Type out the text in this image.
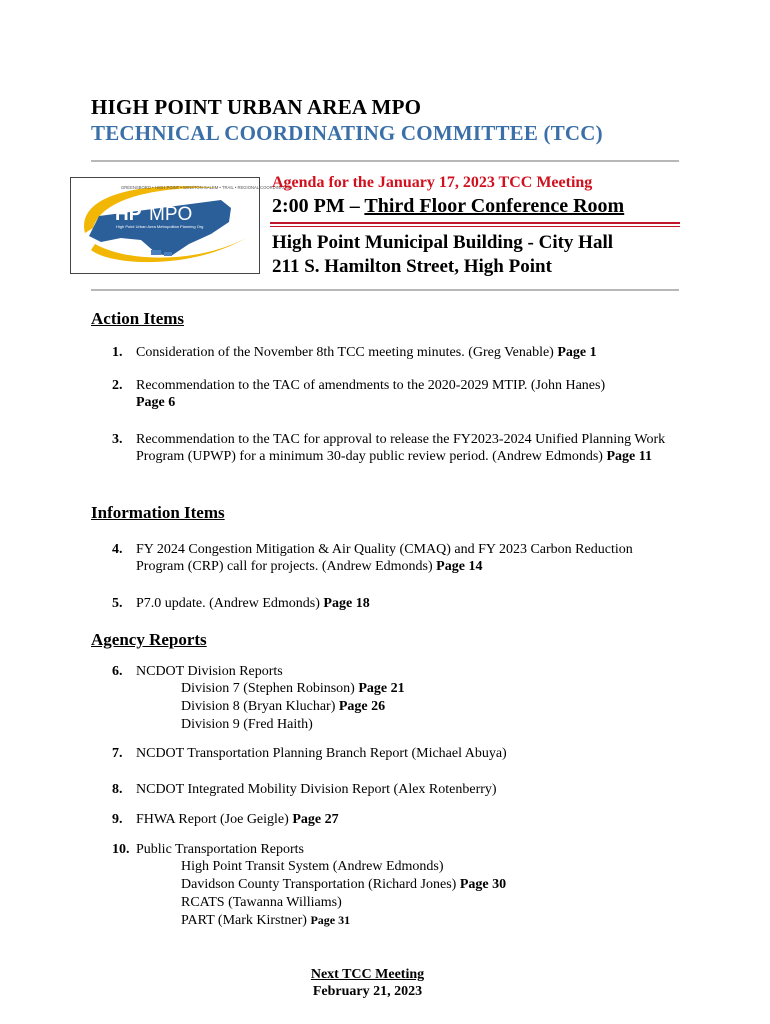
HIGH POINT URBAN AREA MPO
TECHNICAL COORDINATING COMMITTEE (TCC)
GREENSBORO • HIGH POINT • WINSTON-SALEM • TRAIL • REGIONAL COORDINATION
HP MPO
High Point Urban Area Metropolitan Planning Org
Agenda for the January 17, 2023 TCC Meeting
2:00 PM – Third Floor Conference Room
High Point Municipal Building - City Hall
211 S. Hamilton Street, High Point
Action Items
1. Consideration of the November 8th TCC meeting minutes. (Greg Venable) Page 1
2. Recommendation to the TAC of amendments to the 2020-2029 MTIP. (John Hanes)
Page 6
3. Recommendation to the TAC for approval to release the FY2023-2024 Unified Planning Work
Program (UPWP) for a minimum 30-day public review period. (Andrew Edmonds) Page 11
Information Items
4. FY 2024 Congestion Mitigation & Air Quality (CMAQ) and FY 2023 Carbon Reduction
Program (CRP) call for projects. (Andrew Edmonds) Page 14
5. P7.0 update. (Andrew Edmonds) Page 18
Agency Reports
6. NCDOT Division Reports
Division 7 (Stephen Robinson) Page 21
Division 8 (Bryan Kluchar) Page 26
Division 9 (Fred Haith)
7. NCDOT Transportation Planning Branch Report (Michael Abuya)
8. NCDOT Integrated Mobility Division Report (Alex Rotenberry)
9. FHWA Report (Joe Geigle) Page 27
10. Public Transportation Reports
High Point Transit System (Andrew Edmonds)
Davidson County Transportation (Richard Jones) Page 30
RCATS (Tawanna Williams)
PART (Mark Kirstner) Page 31
Next TCC Meeting
February 21, 2023
